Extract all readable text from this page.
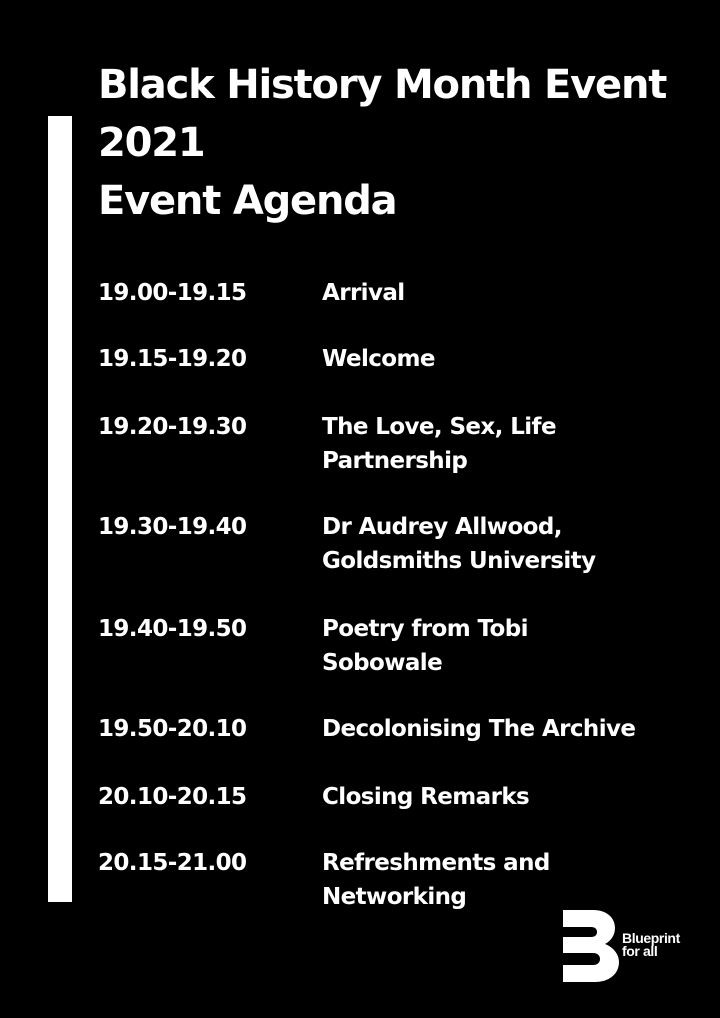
Black History Month Event
2021
Event Agenda
19.00-19.15	Arrival
19.15-19.20	Welcome
19.20-19.30	The Love, Sex, Life
Partnership
19.30-19.40	Dr Audrey Allwood,
Goldsmiths University
19.40-19.50	Poetry from Tobi
Sobowale
19.50-20.10	Decolonising The Archive
20.10-20.15	Closing Remarks
20.15-21.00	Refreshments and
Networking
Blueprint
for all
